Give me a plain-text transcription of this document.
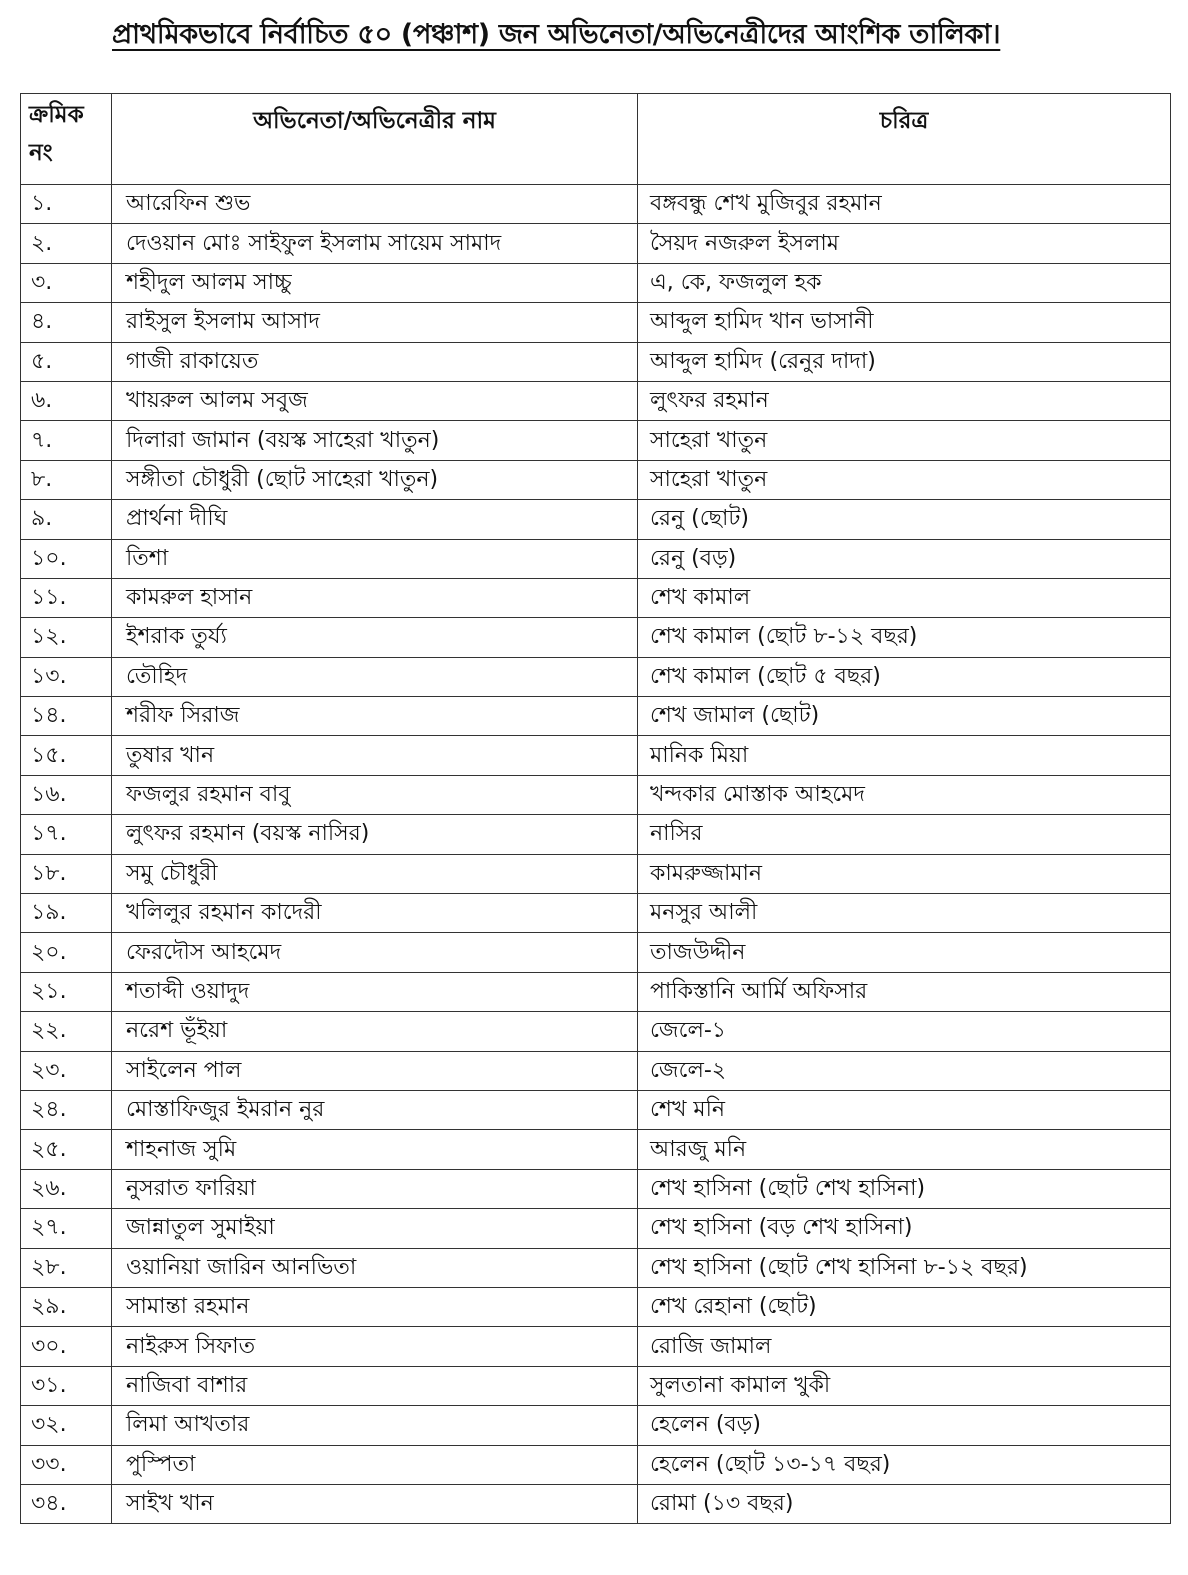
প্রাথমিকভাবে নির্বাচিত ৫০ (পঞ্চাশ) জন অভিনেতা/অভিনেত্রীদের আংশিক তালিকা।
ক্রমিক নং	অভিনেতা/অভিনেত্রীর নাম	চরিত্র
১.	আরেফিন শুভ	বঙ্গবন্ধু শেখ মুজিবুর রহমান
২.	দেওয়ান মোঃ সাইফুল ইসলাম সায়েম সামাদ	সৈয়দ নজরুল ইসলাম
৩.	শহীদুল আলম সাচ্চু	এ, কে, ফজলুল হক
৪.	রাইসুল ইসলাম আসাদ	আব্দুল হামিদ খান ভাসানী
৫.	গাজী রাকায়েত	আব্দুল হামিদ (রেনুর দাদা)
৬.	খায়রুল আলম সবুজ	লুৎফর রহমান
৭.	দিলারা জামান (বয়স্ক সাহেরা খাতুন)	সাহেরা খাতুন
৮.	সঙ্গীতা চৌধুরী (ছোট সাহেরা খাতুন)	সাহেরা খাতুন
৯.	প্রার্থনা দীঘি	রেনু (ছোট)
১০.	তিশা	রেনু (বড়)
১১.	কামরুল হাসান	শেখ কামাল
১২.	ইশরাক তুর্য্য	শেখ কামাল (ছোট ৮-১২ বছর)
১৩.	তৌহিদ	শেখ কামাল (ছোট ৫ বছর)
১৪.	শরীফ সিরাজ	শেখ জামাল (ছোট)
১৫.	তুষার খান	মানিক মিয়া
১৬.	ফজলুর রহমান বাবু	খন্দকার মোস্তাক আহমেদ
১৭.	লুৎফর রহমান (বয়স্ক নাসির)	নাসির
১৮.	সমু চৌধুরী	কামরুজ্জামান
১৯.	খলিলুর রহমান কাদেরী	মনসুর আলী
২০.	ফেরদৌস আহমেদ	তাজউদ্দীন
২১.	শতাব্দী ওয়াদুদ	পাকিস্তানি আর্মি অফিসার
২২.	নরেশ ভূঁইয়া	জেলে-১
২৩.	সাইলেন পাল	জেলে-২
২৪.	মোস্তাফিজুর ইমরান নুর	শেখ মনি
২৫.	শাহনাজ সুমি	আরজু মনি
২৬.	নুসরাত ফারিয়া	শেখ হাসিনা (ছোট শেখ হাসিনা)
২৭.	জান্নাতুল সুমাইয়া	শেখ হাসিনা (বড় শেখ হাসিনা)
২৮.	ওয়ানিয়া জারিন আনভিতা	শেখ হাসিনা (ছোট শেখ হাসিনা ৮-১২ বছর)
২৯.	সামান্তা রহমান	শেখ রেহানা (ছোট)
৩০.	নাইরুস সিফাত	রোজি জামাল
৩১.	নাজিবা বাশার	সুলতানা কামাল খুকী
৩২.	লিমা আখতার	হেলেন (বড়)
৩৩.	পুস্পিতা	হেলেন (ছোট ১৩-১৭ বছর)
৩৪.	সাইখ খান	রোমা (১৩ বছর)
